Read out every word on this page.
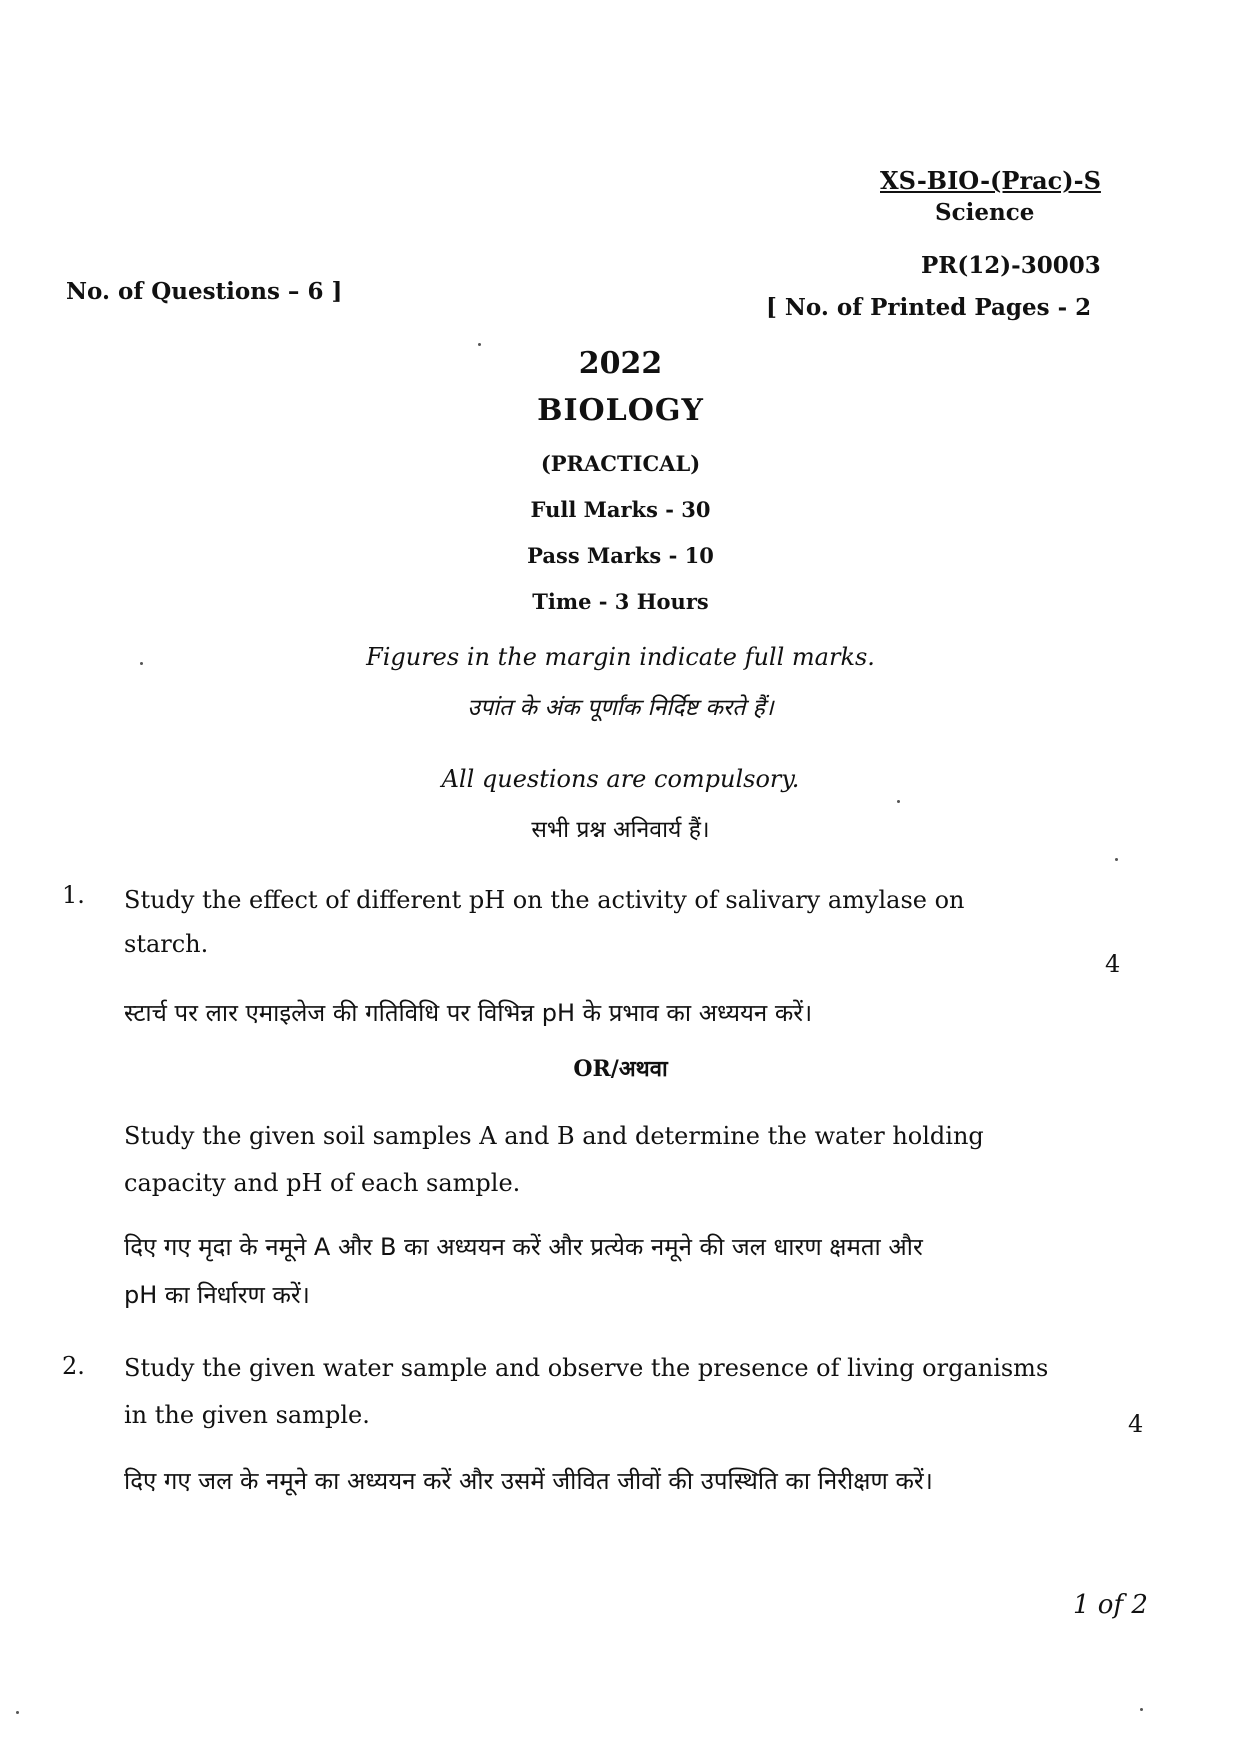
XS-BIO-(Prac)-S
Science
PR(12)-30003
[ No. of Printed Pages - 2
No. of Questions – 6 ]
2022
BIOLOGY
(PRACTICAL)
Full Marks - 30
Pass Marks - 10
Time - 3 Hours
Figures in the margin indicate full marks.
उपांत के अंक पूर्णांक निर्दिष्ट करते हैं।
All questions are compulsory.
सभी प्रश्न अनिवार्य हैं।
1. Study the effect of different pH on the activity of salivary amylase on
starch.
4
स्टार्च पर लार एमाइलेज की गतिविधि पर विभिन्न pH के प्रभाव का अध्ययन करें।
OR/अथवा
Study the given soil samples A and B and determine the water holding
capacity and pH of each sample.
दिए गए मृदा के नमूने A और B का अध्ययन करें और प्रत्येक नमूने की जल धारण क्षमता और
pH का निर्धारण करें।
2. Study the given water sample and observe the presence of living organisms
in the given sample.	4
दिए गए जल के नमूने का अध्ययन करें और उसमें जीवित जीवों की उपस्थिति का निरीक्षण करें।
1 of 2
